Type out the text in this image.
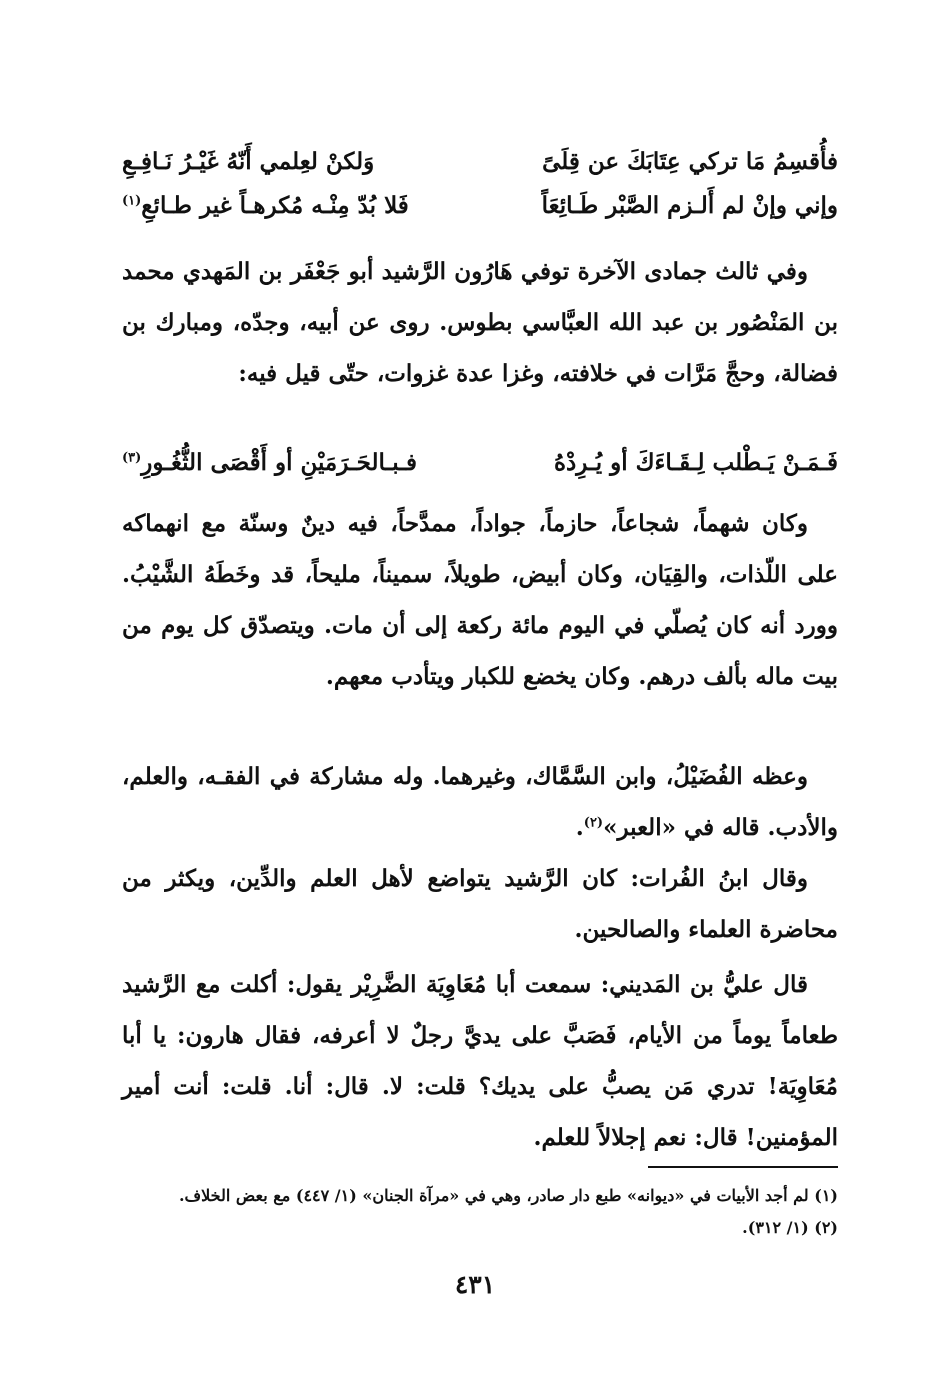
فأُقسِمُ مَا تركي عِتَابَكَ عن قِلَىً
وَلكنْ لعِلمي أَنّهُ غَيْـرُ نَـافِـعِ
وإني وإنْ لم أَلـزم الصَّبْر طَـائِعَاً
فَلا بُدّ مِنْـه مُكرهـاً غير طـائعِ$^{(١)}$

وفي ثالث جمادى الآخرة توفي هَارُون الرَّشيد أبو جَعْفَر بن المَهدي محمد بن المَنْصُور بن عبد الله العبَّاسي بطوس. روى عن أبيه، وجدّه، ومبارك بن فضالة، وحجَّ مَرَّات في خلافته، وغزا عدة غزوات، حتّى قيل فيه:

فَـمَـنْ يَـطْلب لِـقَـاءَكَ أو يُـرِدْهُ
فـبـالحَـرَمَيْنِ أو أَقْصَى الثُّغُـورِ$^{(٣)}$

وكان شهماً، شجاعاً، حازماً، جواداً، ممدَّحاً، فيه دينٌ وسنّة مع انهماكه على اللّذات، والقِيَان، وكان أبيض، طويلاً، سميناً، مليحاً، قد وخَطَهُ الشَّيْبُ. وورد أنه كان يُصلّي في اليوم مائة ركعة إلى أن مات. ويتصدّق كل يوم من بيت ماله بألف درهم. وكان يخضع للكبار ويتأدب معهم.

وعظه الفُضَيْلُ، وابن السَّمَّاك، وغيرهما. وله مشاركة في الفقـه، والعلم، والأدب. قاله في «العبر»$^{(٢)}$.

وقال ابنُ الفُرات: كان الرَّشيد يتواضع لأهل العلم والدِّين، ويكثر من محاضرة العلماء والصالحين.

قال عليُّ بن المَديني: سمعت أبا مُعَاوِيَة الضَّرِيْر يقول: أكلت مع الرَّشيد طعاماً يوماً من الأيام، فَصَبَّ على يديَّ رجلٌ لا أعرفه، فقال هارون: يا أبا مُعَاوِيَة! تدري مَن يصبُّ على يديك؟ قلت: لا. قال: أنا. قلت: أنت أمير المؤمنين! قال: نعم إجلالاً للعلم.

(١) لم أجد الأبيات في «ديوانه» طبع دار صادر، وهي في «مرآة الجنان» (١/ ٤٤٧) مع بعض الخلاف.

(٢) (١/ ٣١٢).

٤٣١
